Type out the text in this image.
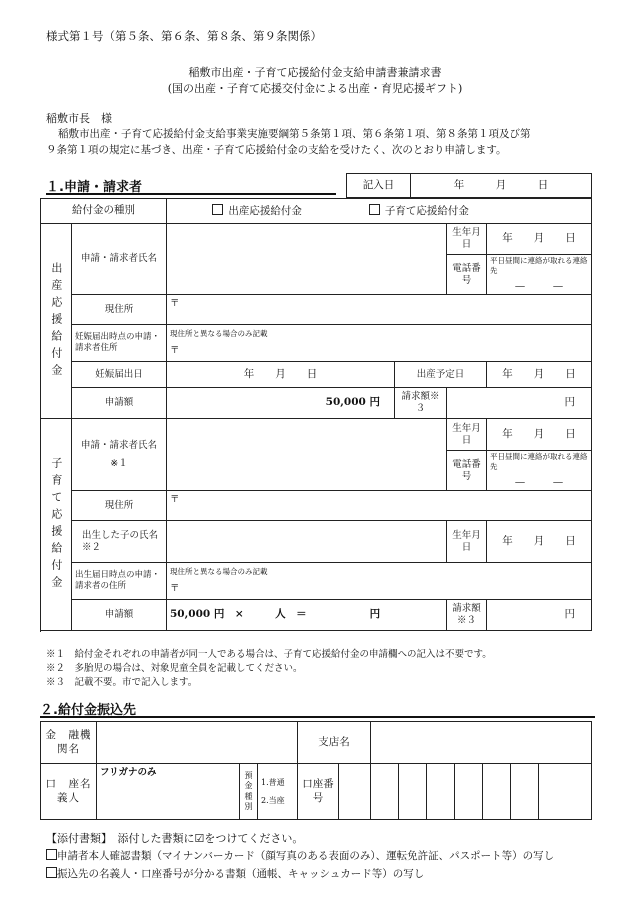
様式第１号（第５条、第６条、第８条、第９条関係）
稲敷市出産・子育て応援給付金支給申請書兼請求書
(国の出産・子育て応援交付金による出産・育児応援ギフト)
稲敷市長　様
稲敷市出産・子育て応援給付金支給事業実施要綱第５条第１項、第６条第１項、第８条第１項及び第
９条第１項の規定に基づき、出産・子育て応援給付金の支給を受けたく、次のとおり申請します。
１.申請・請求者	記入日	年　　　月　　　日
給付金の種別		出産応援給付金 子育て応援給付金			
出産応援給付金	申請・請求者氏名			生年月日	年　　月　　日
				電話番号	平日昼間に連絡が取れる連絡先
―　　　―

	現住所	〒			
	妊娠届出時点の申請・請求者住所	現住所と異なる場合のみ記載
〒			

	妊娠届出日	年　　月　　日	出産予定日		年　　月　　日
	申請額	50,000 円	請求額※３	円	

子育て応援給付金	申請・請求者氏名
※１			生年月日	年　　月　　日
				電話番号	平日昼間に連絡が取れる連絡先
―　　　―

	現住所	〒			
	出生した子の氏名※２			生年月日	年　　月　　日
	出生届日時点の申請・請求者の住所	現住所と異なる場合のみ記載
〒			

	申請額	50,000 円　×　　　人　＝　　　　　　円		請求額※３	円

※１　給付金それぞれの申請者が同一人である場合は、子育て応援給付金の申請欄への記入は不要です。
※２　多胎児の場合は、対象児童全員を記載してください。
※３　記載不要。市で記入します。
２.給付金振込先
金　融機関名				支店名								
口　座名義人	フリガナのみ	預金種別	1.普通
2.当座	口座番号								
【添付書類】　添付した書類に☑をつけてください。
申請者本人確認書類（マイナンバーカード（顔写真のある表面のみ）、運転免許証、パスポート等）の写し
振込先の名義人・口座番号が分かる書類（通帳、キャッシュカード等）の写し
